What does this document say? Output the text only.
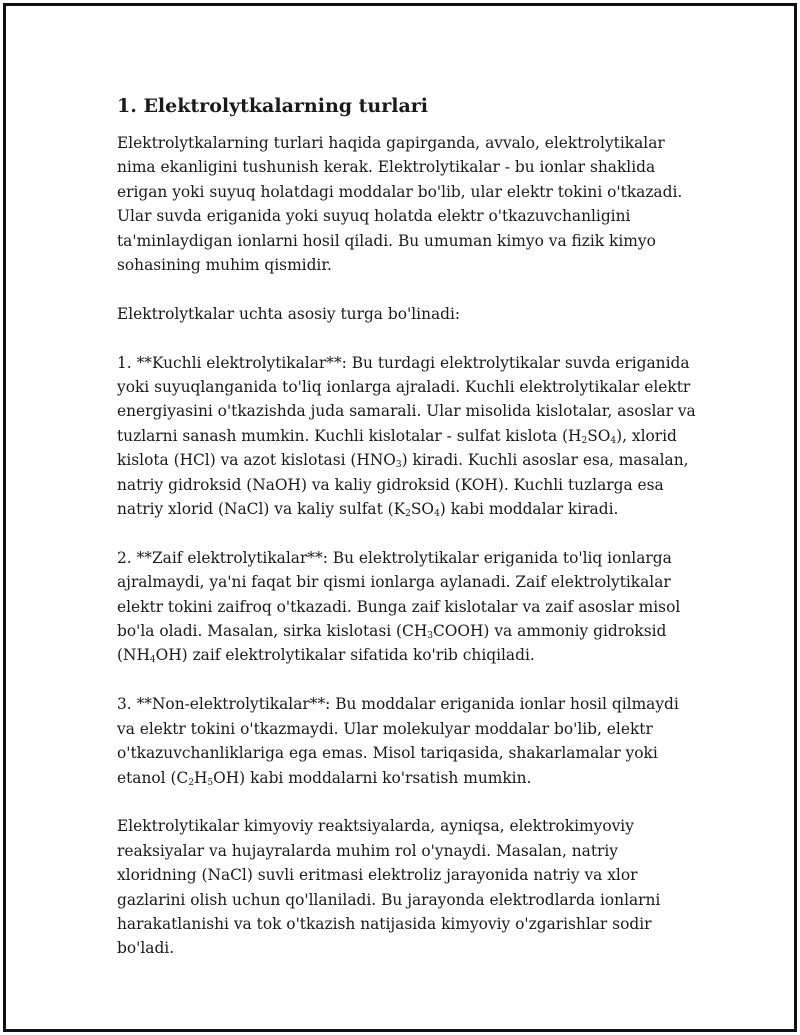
1. Elektrolytkalarning turlari

Elektrolytkalarning turlari haqida gapirganda, avvalo, elektrolytikalar nima ekanligini tushunish kerak. Elektrolytikalar - bu ionlar shaklida erigan yoki suyuq holatdagi moddalar bo'lib, ular elektr tokini o'tkazadi. Ular suvda eriganida yoki suyuq holatda elektr o'tkazuvchanligini ta'minlaydigan ionlarni hosil qiladi. Bu umuman kimyo va fizik kimyo sohasining muhim qismidir.

Elektrolytkalar uchta asosiy turga bo'linadi:

1. **Kuchli elektrolytikalar**: Bu turdagi elektrolytikalar suvda eriganida yoki suyuqlanganida to'liq ionlarga ajraladi. Kuchli elektrolytikalar elektr energiyasini o'tkazishda juda samarali. Ular misolida kislotalar, asoslar va tuzlarni sanash mumkin. Kuchli kislotalar - sulfat kislota $(H_2SO_4)$, xlorid kislota (HCl) va azot kislotasi $(HNO_3)$ kiradi. Kuchli asoslar esa, masalan, natriy gidroksid (NaOH) va kaliy gidroksid (KOH). Kuchli tuzlarga esa natriy xlorid (NaCl) va kaliy sulfat $(K_2SO_4)$ kabi moddalar kiradi.

2. **Zaif elektrolytikalar**: Bu elektrolytikalar eriganida to'liq ionlarga ajralmaydi, ya'ni faqat bir qismi ionlarga aylanadi. Zaif elektrolytikalar elektr tokini zaifroq o'tkazadi. Bunga zaif kislotalar va zaif asoslar misol bo'la oladi. Masalan, sirka kislotasi $(CH_3COOH)$ va ammoniy gidroksid $(NH_4OH)$ zaif elektrolytikalar sifatida ko'rib chiqiladi.

3. **Non-elektrolytikalar**: Bu moddalar eriganida ionlar hosil qilmaydi va elektr tokini o'tkazmaydi. Ular molekulyar moddalar bo'lib, elektr o'tkazuvchanliklariga ega emas. Misol tariqasida, shakarlamalar yoki etanol $(C_2H_5OH)$ kabi moddalarni ko'rsatish mumkin.

Elektrolytikalar kimyoviy reaktsiyalarda, ayniqsa, elektrokimyoviy reaksiyalar va hujayralarda muhim rol o'ynaydi. Masalan, natriy xloridning (NaCl) suvli eritmasi elektroliz jarayonida natriy va xlor gazlarini olish uchun qo'llaniladi. Bu jarayonda elektrodlarda ionlarni harakatlanishi va tok o'tkazish natijasida kimyoviy o'zgarishlar sodir bo'ladi.
